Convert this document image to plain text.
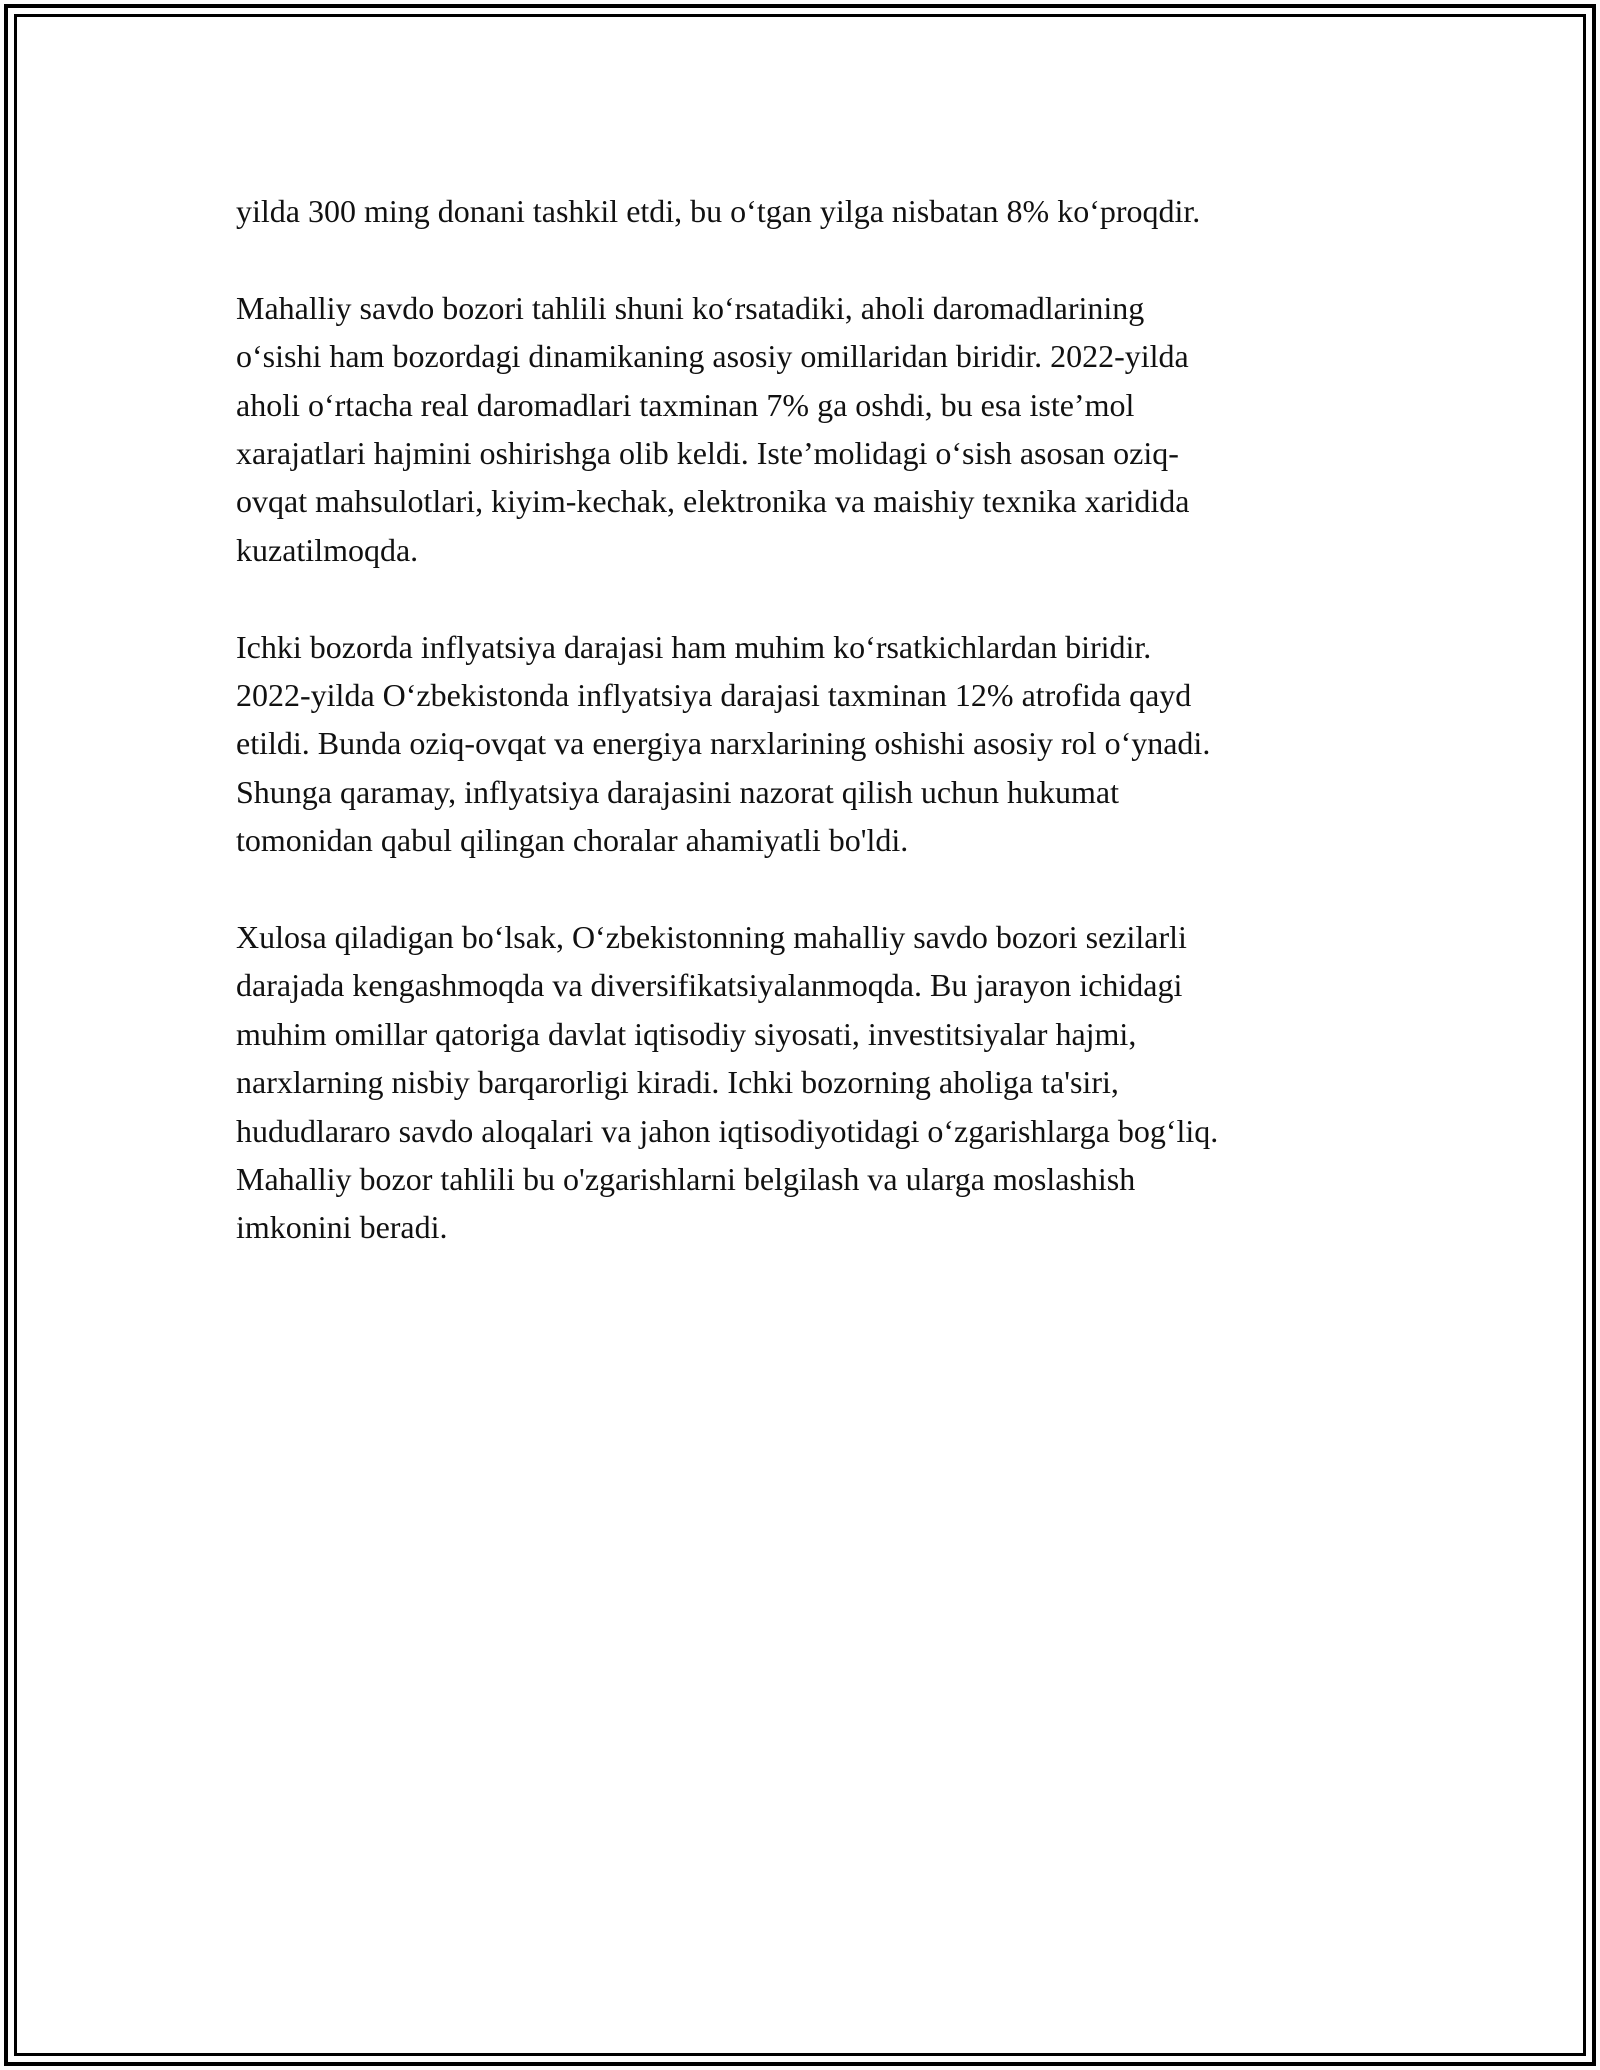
yilda 300 ming donani tashkil etdi, bu o‘tgan yilga nisbatan 8% ko‘proqdir.

Mahalliy savdo bozori tahlili shuni ko‘rsatadiki, aholi daromadlarining
o‘sishi ham bozordagi dinamikaning asosiy omillaridan biridir. 2022-yilda
aholi o‘rtacha real daromadlari taxminan 7% ga oshdi, bu esa iste’mol
xarajatlari hajmini oshirishga olib keldi. Iste’molidagi o‘sish asosan oziq-
ovqat mahsulotlari, kiyim-kechak, elektronika va maishiy texnika xaridida
kuzatilmoqda.

Ichki bozorda inflyatsiya darajasi ham muhim ko‘rsatkichlardan biridir.
2022-yilda O‘zbekistonda inflyatsiya darajasi taxminan 12% atrofida qayd
etildi. Bunda oziq-ovqat va energiya narxlarining oshishi asosiy rol o‘ynadi.
Shunga qaramay, inflyatsiya darajasini nazorat qilish uchun hukumat
tomonidan qabul qilingan choralar ahamiyatli bo'ldi.

Xulosa qiladigan bo‘lsak, O‘zbekistonning mahalliy savdo bozori sezilarli
darajada kengashmoqda va diversifikatsiyalanmoqda. Bu jarayon ichidagi
muhim omillar qatoriga davlat iqtisodiy siyosati, investitsiyalar hajmi,
narxlarning nisbiy barqarorligi kiradi. Ichki bozorning aholiga ta'siri,
hududlararo savdo aloqalari va jahon iqtisodiyotidagi o‘zgarishlarga bog‘liq.
Mahalliy bozor tahlili bu o'zgarishlarni belgilash va ularga moslashish
imkonini beradi.
